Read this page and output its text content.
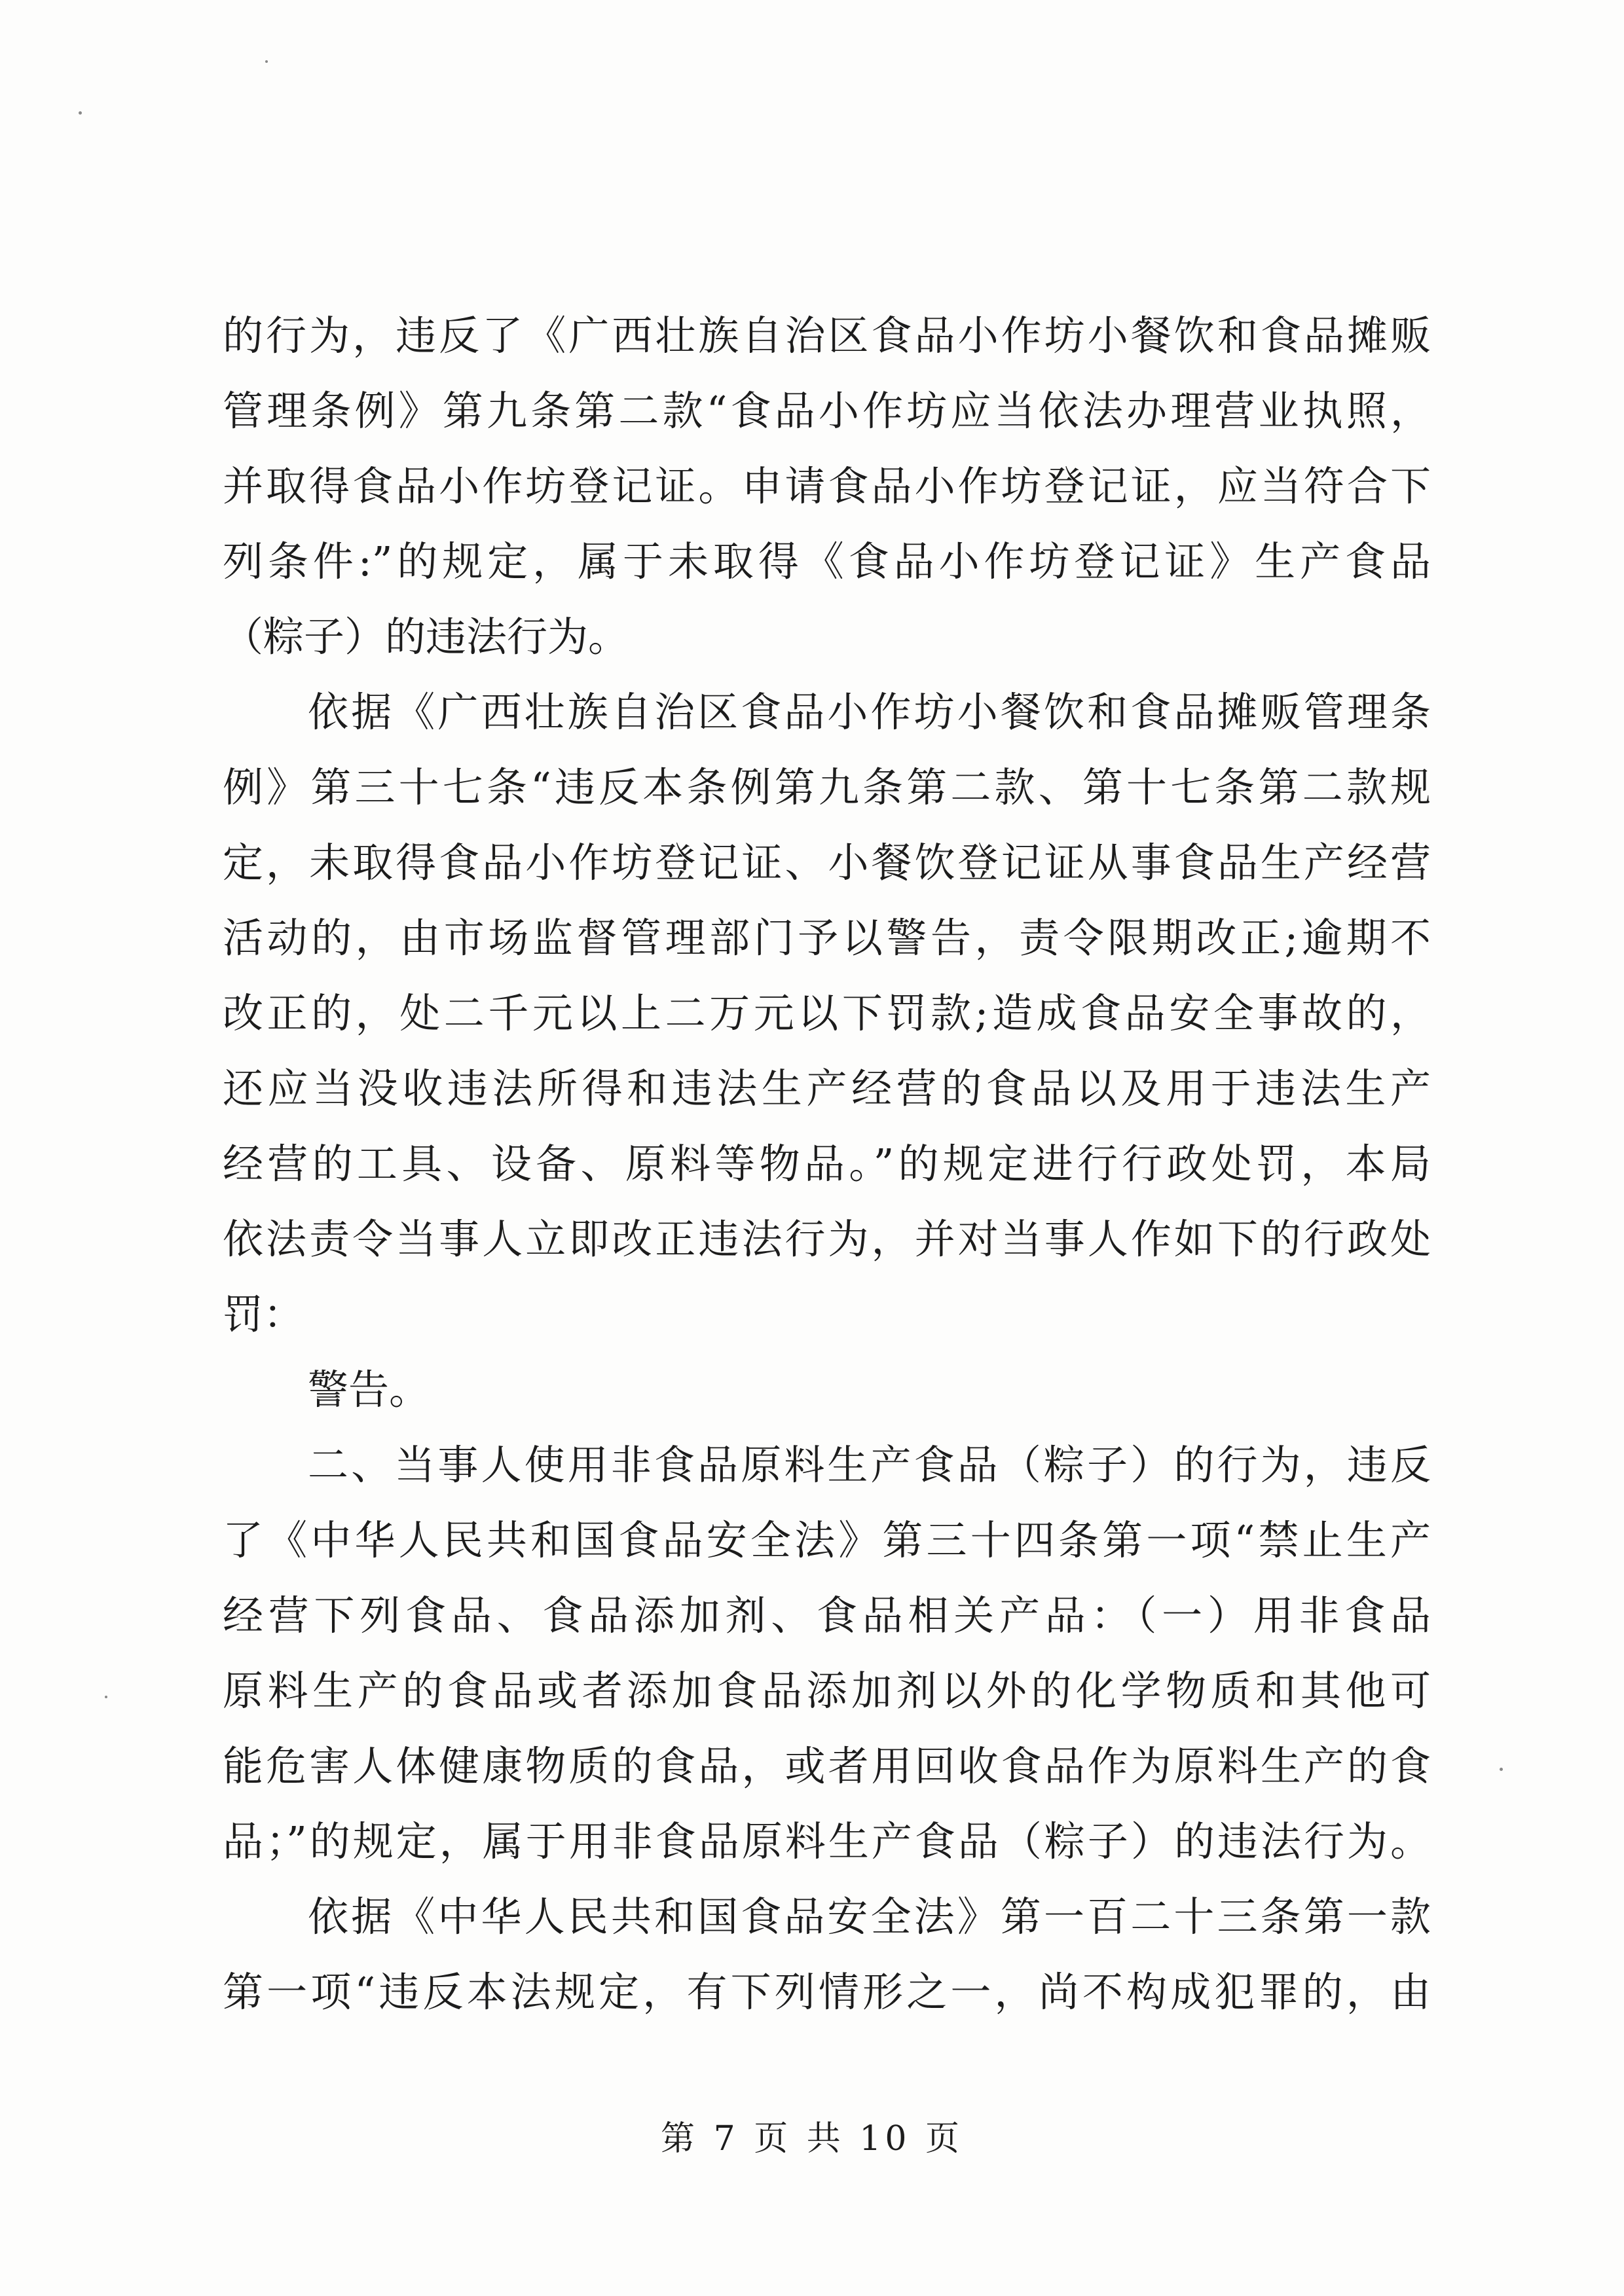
的行为，违反了《广西壮族自治区食品小作坊小餐饮和食品摊贩
管理条例》第九条第二款“食品小作坊应当依法办理营业执照，
并取得食品小作坊登记证。申请食品小作坊登记证，应当符合下
列条件:”的规定，属于未取得《食品小作坊登记证》生产食品
（粽子）的违法行为。
依据《广西壮族自治区食品小作坊小餐饮和食品摊贩管理条
例》第三十七条“违反本条例第九条第二款、第十七条第二款规
定，未取得食品小作坊登记证、小餐饮登记证从事食品生产经营
活动的，由市场监督管理部门予以警告，责令限期改正;逾期不
改正的，处二千元以上二万元以下罚款;造成食品安全事故的，
还应当没收违法所得和违法生产经营的食品以及用于违法生产
经营的工具、设备、原料等物品。”的规定进行行政处罚，本局
依法责令当事人立即改正违法行为，并对当事人作如下的行政处
罚：
警告。
二、当事人使用非食品原料生产食品（粽子）的行为，违反
了《中华人民共和国食品安全法》第三十四条第一项“禁止生产
经营下列食品、食品添加剂、食品相关产品：（一）用非食品
原料生产的食品或者添加食品添加剂以外的化学物质和其他可
能危害人体健康物质的食品，或者用回收食品作为原料生产的食
品；”的规定，属于用非食品原料生产食品（粽子）的违法行为。
依据《中华人民共和国食品安全法》第一百二十三条第一款
第一项“违反本法规定，有下列情形之一，尚不构成犯罪的，由
第 7 页 共 10 页
